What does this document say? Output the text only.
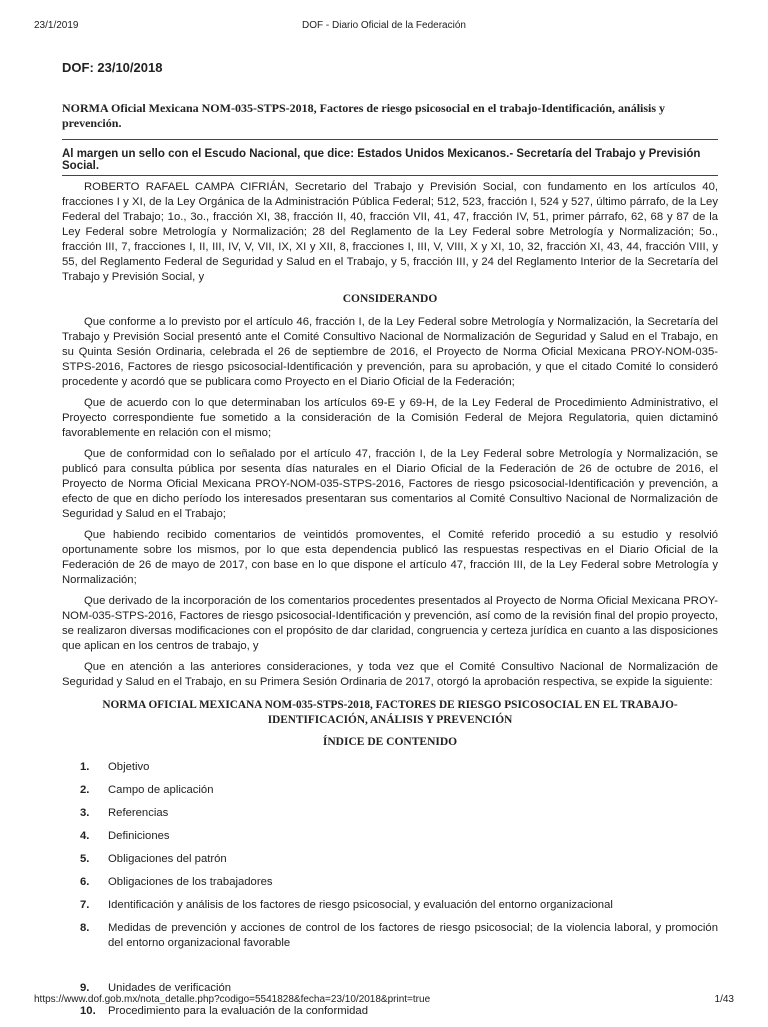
23/1/2019	DOF - Diario Oficial de la Federación
DOF: 23/10/2018
NORMA Oficial Mexicana NOM-035-STPS-2018, Factores de riesgo psicosocial en el trabajo-Identificación, análisis y prevención.
Al margen un sello con el Escudo Nacional, que dice: Estados Unidos Mexicanos.- Secretaría del Trabajo y Previsión Social.

ROBERTO RAFAEL CAMPA CIFRIÁN, Secretario del Trabajo y Previsión Social, con fundamento en los artículos 40, fracciones I y XI, de la Ley Orgánica de la Administración Pública Federal; 512, 523, fracción I, 524 y 527, último párrafo, de la Ley Federal del Trabajo; 1o., 3o., fracción XI, 38, fracción II, 40, fracción VII, 41, 47, fracción IV, 51, primer párrafo, 62, 68 y 87 de la Ley Federal sobre Metrología y Normalización; 28 del Reglamento de la Ley Federal sobre Metrología y Normalización; 5o., fracción III, 7, fracciones I, II, III, IV, V, VII, IX, XI y XII, 8, fracciones I, III, V, VIII, X y XI, 10, 32, fracción XI, 43, 44, fracción VIII, y 55, del Reglamento Federal de Seguridad y Salud en el Trabajo, y 5, fracción III, y 24 del Reglamento Interior de la Secretaría del Trabajo y Previsión Social, y

CONSIDERANDO

Que conforme a lo previsto por el artículo 46, fracción I, de la Ley Federal sobre Metrología y Normalización, la Secretaría del Trabajo y Previsión Social presentó ante el Comité Consultivo Nacional de Normalización de Seguridad y Salud en el Trabajo, en su Quinta Sesión Ordinaria, celebrada el 26 de septiembre de 2016, el Proyecto de Norma Oficial Mexicana PROY-NOM-035-STPS-2016, Factores de riesgo psicosocial-Identificación y prevención, para su aprobación, y que el citado Comité lo consideró procedente y acordó que se publicara como Proyecto en el Diario Oficial de la Federación;

Que de acuerdo con lo que determinaban los artículos 69-E y 69-H, de la Ley Federal de Procedimiento Administrativo, el Proyecto correspondiente fue sometido a la consideración de la Comisión Federal de Mejora Regulatoria, quien dictaminó favorablemente en relación con el mismo;

Que de conformidad con lo señalado por el artículo 47, fracción I, de la Ley Federal sobre Metrología y Normalización, se publicó para consulta pública por sesenta días naturales en el Diario Oficial de la Federación de 26 de octubre de 2016, el Proyecto de Norma Oficial Mexicana PROY-NOM-035-STPS-2016, Factores de riesgo psicosocial-Identificación y prevención, a efecto de que en dicho período los interesados presentaran sus comentarios al Comité Consultivo Nacional de Normalización de Seguridad y Salud en el Trabajo;

Que habiendo recibido comentarios de veintidós promoventes, el Comité referido procedió a su estudio y resolvió oportunamente sobre los mismos, por lo que esta dependencia publicó las respuestas respectivas en el Diario Oficial de la Federación de 26 de mayo de 2017, con base en lo que dispone el artículo 47, fracción III, de la Ley Federal sobre Metrología y Normalización;

Que derivado de la incorporación de los comentarios procedentes presentados al Proyecto de Norma Oficial Mexicana PROY-NOM-035-STPS-2016, Factores de riesgo psicosocial-Identificación y prevención, así como de la revisión final del propio proyecto, se realizaron diversas modificaciones con el propósito de dar claridad, congruencia y certeza jurídica en cuanto a las disposiciones que aplican en los centros de trabajo, y

Que en atención a las anteriores consideraciones, y toda vez que el Comité Consultivo Nacional de Normalización de Seguridad y Salud en el Trabajo, en su Primera Sesión Ordinaria de 2017, otorgó la aprobación respectiva, se expide la siguiente:

NORMA OFICIAL MEXICANA NOM-035-STPS-2018, FACTORES DE RIESGO PSICOSOCIAL EN EL TRABAJO-IDENTIFICACIÓN, ANÁLISIS Y PREVENCIÓN
ÍNDICE DE CONTENIDO
1. Objetivo
2. Campo de aplicación
3. Referencias
4. Definiciones
5. Obligaciones del patrón
6. Obligaciones de los trabajadores
7. Identificación y análisis de los factores de riesgo psicosocial, y evaluación del entorno organizacional
8. Medidas de prevención y acciones de control de los factores de riesgo psicosocial; de la violencia laboral, y promoción del entorno organizacional favorable
9. Unidades de verificación
10. Procedimiento para la evaluación de la conformidad
https://www.dof.gob.mx/nota_detalle.php?codigo=5541828&fecha=23/10/2018&print=true	1/43
